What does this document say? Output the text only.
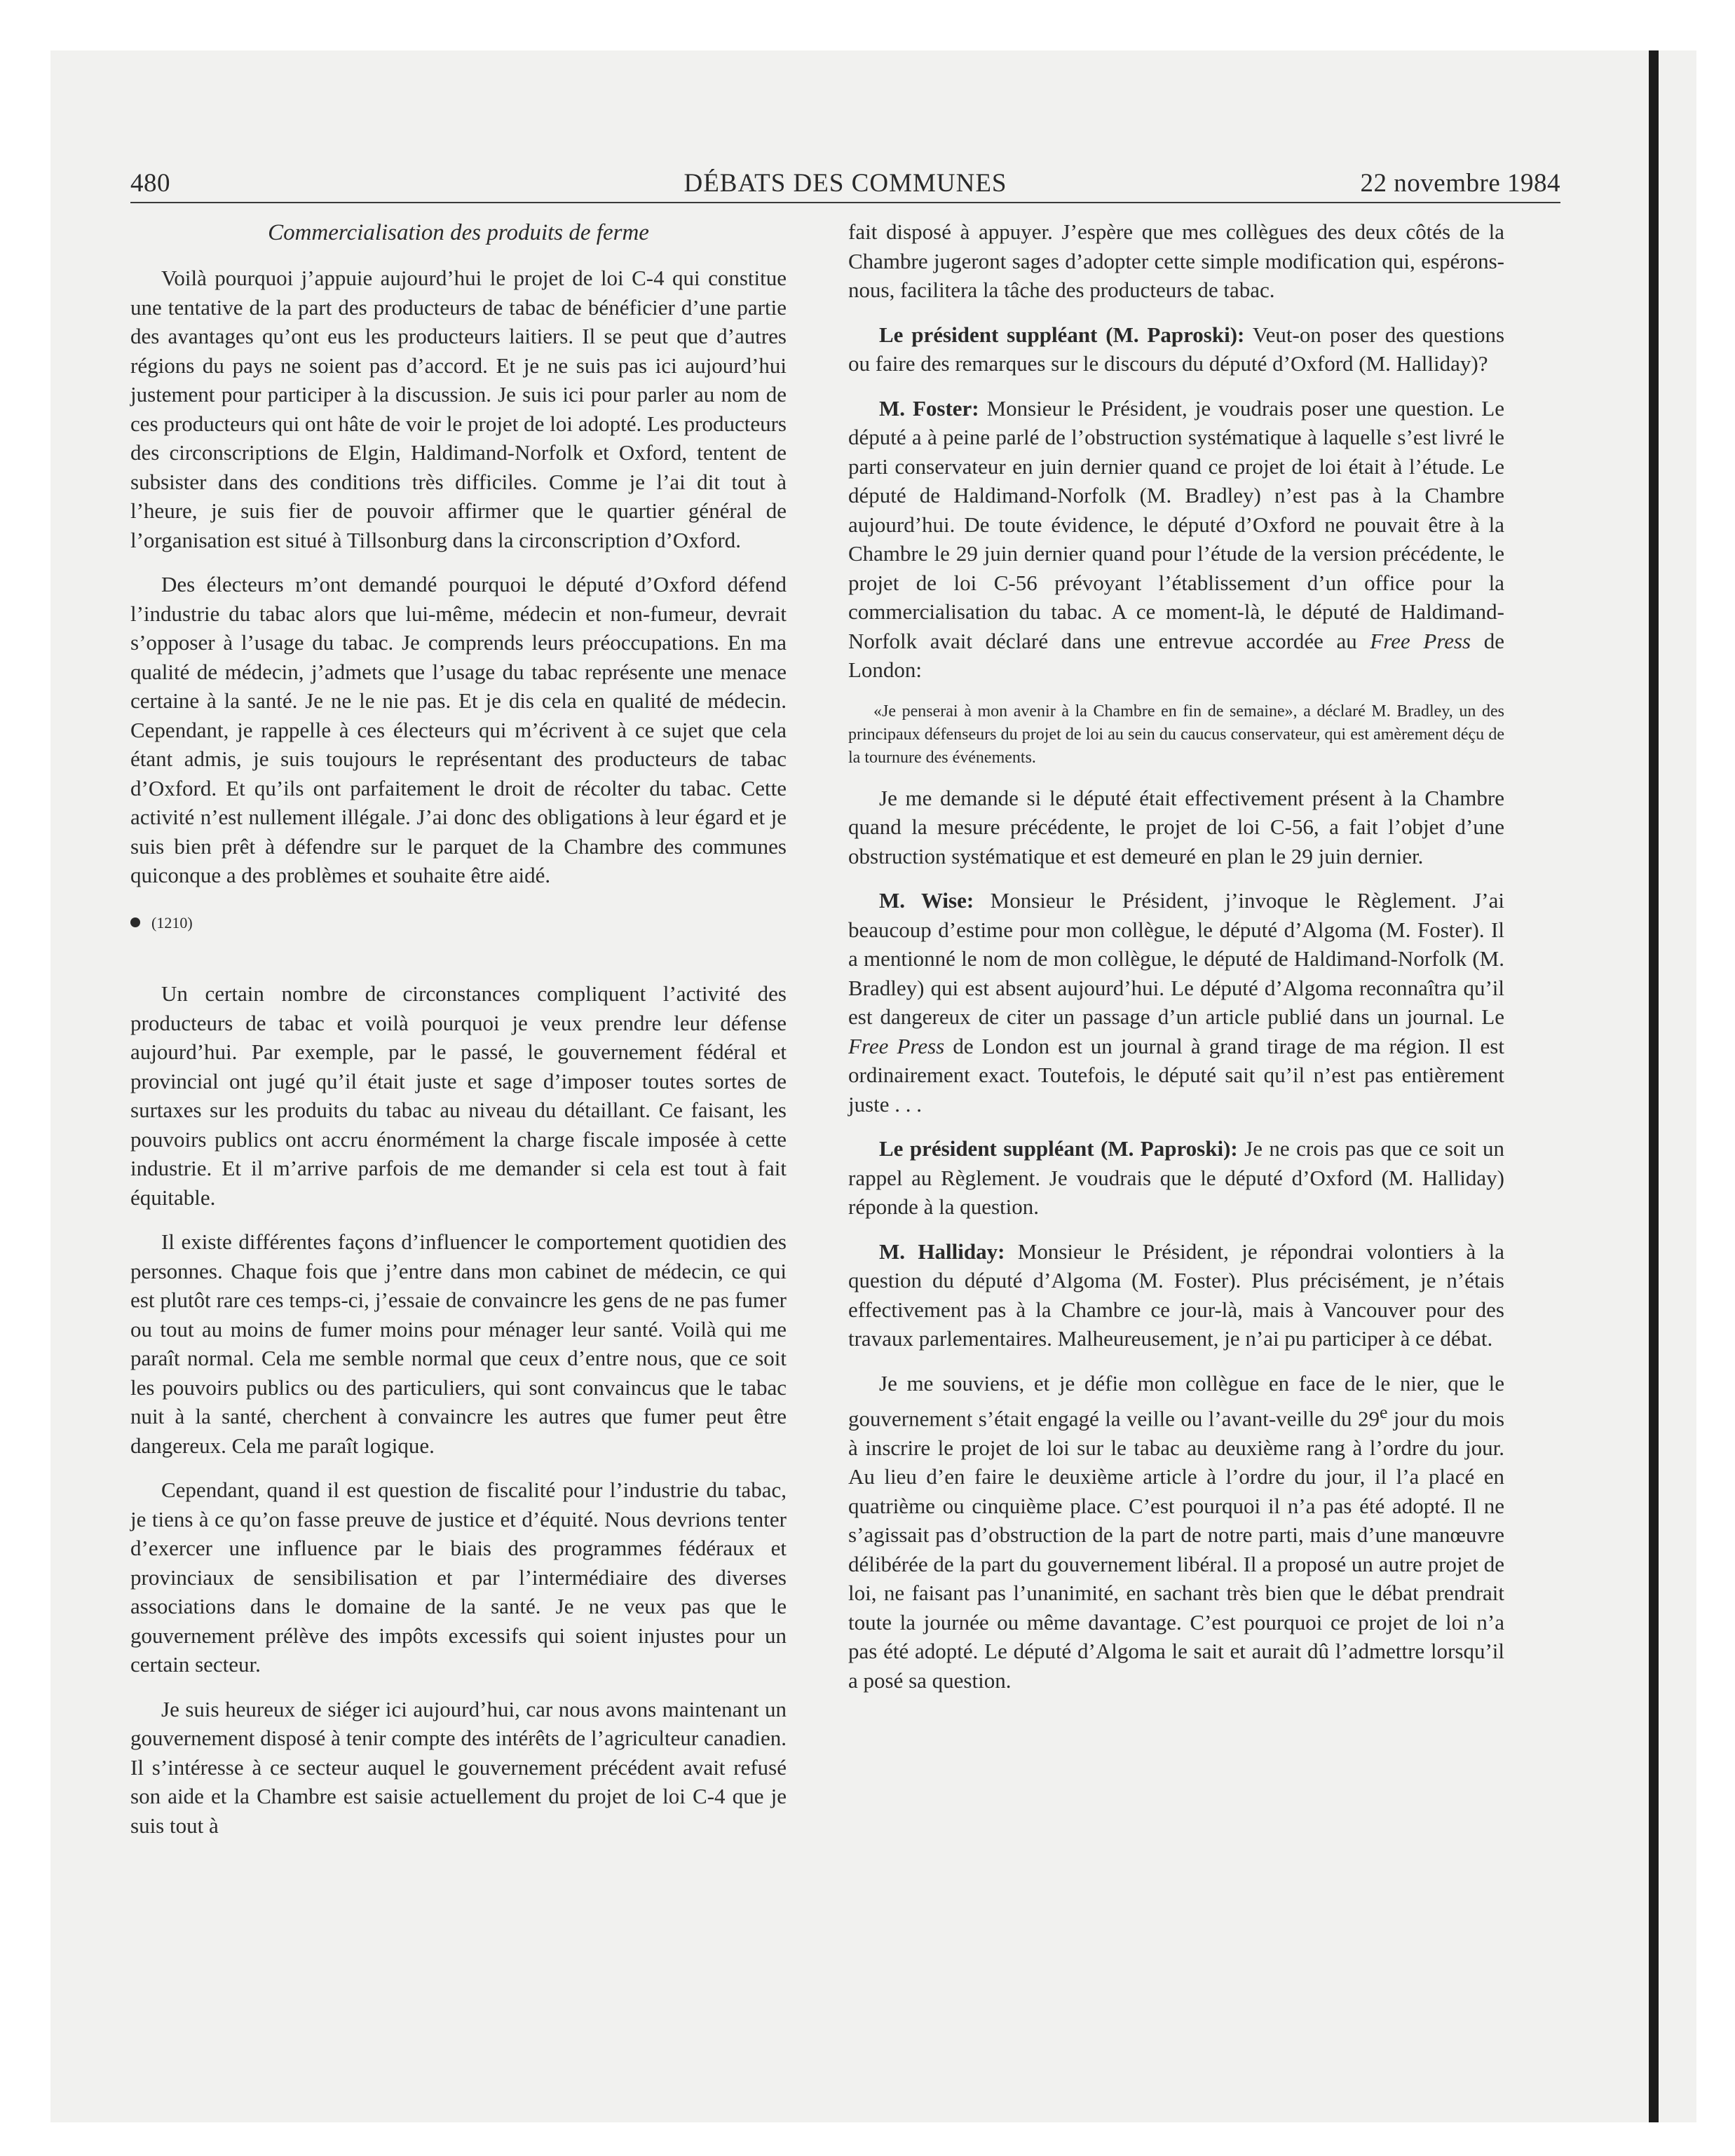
480	DÉBATS DES COMMUNES	22 novembre 1984
Commercialisation des produits de ferme

Voilà pourquoi j’appuie aujourd’hui le projet de loi C-4 qui constitue une tentative de la part des producteurs de tabac de bénéficier d’une partie des avantages qu’ont eus les producteurs laitiers. Il se peut que d’autres régions du pays ne soient pas d’accord. Et je ne suis pas ici aujourd’hui justement pour participer à la discussion. Je suis ici pour parler au nom de ces producteurs qui ont hâte de voir le projet de loi adopté. Les producteurs des circonscriptions de Elgin, Haldimand-Norfolk et Oxford, tentent de subsister dans des conditions très difficiles. Comme je l’ai dit tout à l’heure, je suis fier de pouvoir affirmer que le quartier général de l’organisation est situé à Tillsonburg dans la circonscription d’Oxford.

Des électeurs m’ont demandé pourquoi le député d’Oxford défend l’industrie du tabac alors que lui-même, médecin et non-fumeur, devrait s’opposer à l’usage du tabac. Je comprends leurs préoccupations. En ma qualité de médecin, j’admets que l’usage du tabac représente une menace certaine à la santé. Je ne le nie pas. Et je dis cela en qualité de médecin. Cependant, je rappelle à ces électeurs qui m’écrivent à ce sujet que cela étant admis, je suis toujours le représentant des producteurs de tabac d’Oxford. Et qu’ils ont parfaitement le droit de récolter du tabac. Cette activité n’est nullement illégale. J’ai donc des obligations à leur égard et je suis bien prêt à défendre sur le parquet de la Chambre des communes quiconque a des problèmes et souhaite être aidé.

(1210)

Un certain nombre de circonstances compliquent l’activité des producteurs de tabac et voilà pourquoi je veux prendre leur défense aujourd’hui. Par exemple, par le passé, le gouvernement fédéral et provincial ont jugé qu’il était juste et sage d’imposer toutes sortes de surtaxes sur les produits du tabac au niveau du détaillant. Ce faisant, les pouvoirs publics ont accru énormément la charge fiscale imposée à cette industrie. Et il m’arrive parfois de me demander si cela est tout à fait équitable.

Il existe différentes façons d’influencer le comportement quotidien des personnes. Chaque fois que j’entre dans mon cabinet de médecin, ce qui est plutôt rare ces temps-ci, j’essaie de convaincre les gens de ne pas fumer ou tout au moins de fumer moins pour ménager leur santé. Voilà qui me paraît normal. Cela me semble normal que ceux d’entre nous, que ce soit les pouvoirs publics ou des particuliers, qui sont convaincus que le tabac nuit à la santé, cherchent à convaincre les autres que fumer peut être dangereux. Cela me paraît logique.

Cependant, quand il est question de fiscalité pour l’industrie du tabac, je tiens à ce qu’on fasse preuve de justice et d’équité. Nous devrions tenter d’exercer une influence par le biais des programmes fédéraux et provinciaux de sensibilisation et par l’intermédiaire des diverses associations dans le domaine de la santé. Je ne veux pas que le gouvernement prélève des impôts excessifs qui soient injustes pour un certain secteur.

Je suis heureux de siéger ici aujourd’hui, car nous avons maintenant un gouvernement disposé à tenir compte des intérêts de l’agriculteur canadien. Il s’intéresse à ce secteur auquel le gouvernement précédent avait refusé son aide et la Chambre est saisie actuellement du projet de loi C-4 que je suis tout à

fait disposé à appuyer. J’espère que mes collègues des deux côtés de la Chambre jugeront sages d’adopter cette simple modification qui, espérons-nous, facilitera la tâche des producteurs de tabac.

Le président suppléant (M. Paproski): Veut-on poser des questions ou faire des remarques sur le discours du député d’Oxford (M. Halliday)?

M. Foster: Monsieur le Président, je voudrais poser une question. Le député a à peine parlé de l’obstruction systématique à laquelle s’est livré le parti conservateur en juin dernier quand ce projet de loi était à l’étude. Le député de Haldimand-Norfolk (M. Bradley) n’est pas à la Chambre aujourd’hui. De toute évidence, le député d’Oxford ne pouvait être à la Chambre le 29 juin dernier quand pour l’étude de la version précédente, le projet de loi C-56 prévoyant l’établissement d’un office pour la commercialisation du tabac. A ce moment-là, le député de Haldimand-Norfolk avait déclaré dans une entrevue accordée au Free Press de London:

«Je penserai à mon avenir à la Chambre en fin de semaine», a déclaré M. Bradley, un des principaux défenseurs du projet de loi au sein du caucus conservateur, qui est amèrement déçu de la tournure des événements.

Je me demande si le député était effectivement présent à la Chambre quand la mesure précédente, le projet de loi C-56, a fait l’objet d’une obstruction systématique et est demeuré en plan le 29 juin dernier.

M. Wise: Monsieur le Président, j’invoque le Règlement. J’ai beaucoup d’estime pour mon collègue, le député d’Algoma (M. Foster). Il a mentionné le nom de mon collègue, le député de Haldimand-Norfolk (M. Bradley) qui est absent aujourd’hui. Le député d’Algoma reconnaîtra qu’il est dangereux de citer un passage d’un article publié dans un journal. Le Free Press de London est un journal à grand tirage de ma région. Il est ordinairement exact. Toutefois, le député sait qu’il n’est pas entièrement juste . . .

Le président suppléant (M. Paproski): Je ne crois pas que ce soit un rappel au Règlement. Je voudrais que le député d’Oxford (M. Halliday) réponde à la question.

M. Halliday: Monsieur le Président, je répondrai volontiers à la question du député d’Algoma (M. Foster). Plus précisément, je n’étais effectivement pas à la Chambre ce jour-là, mais à Vancouver pour des travaux parlementaires. Malheureusement, je n’ai pu participer à ce débat.

Je me souviens, et je défie mon collègue en face de le nier, que le gouvernement s’était engagé la veille ou l’avant-veille du 29e jour du mois à inscrire le projet de loi sur le tabac au deuxième rang à l’ordre du jour. Au lieu d’en faire le deuxième article à l’ordre du jour, il l’a placé en quatrième ou cinquième place. C’est pourquoi il n’a pas été adopté. Il ne s’agissait pas d’obstruction de la part de notre parti, mais d’une manœuvre délibérée de la part du gouvernement libéral. Il a proposé un autre projet de loi, ne faisant pas l’unanimité, en sachant très bien que le débat prendrait toute la journée ou même davantage. C’est pourquoi ce projet de loi n’a pas été adopté. Le député d’Algoma le sait et aurait dû l’admettre lorsqu’il a posé sa question.
